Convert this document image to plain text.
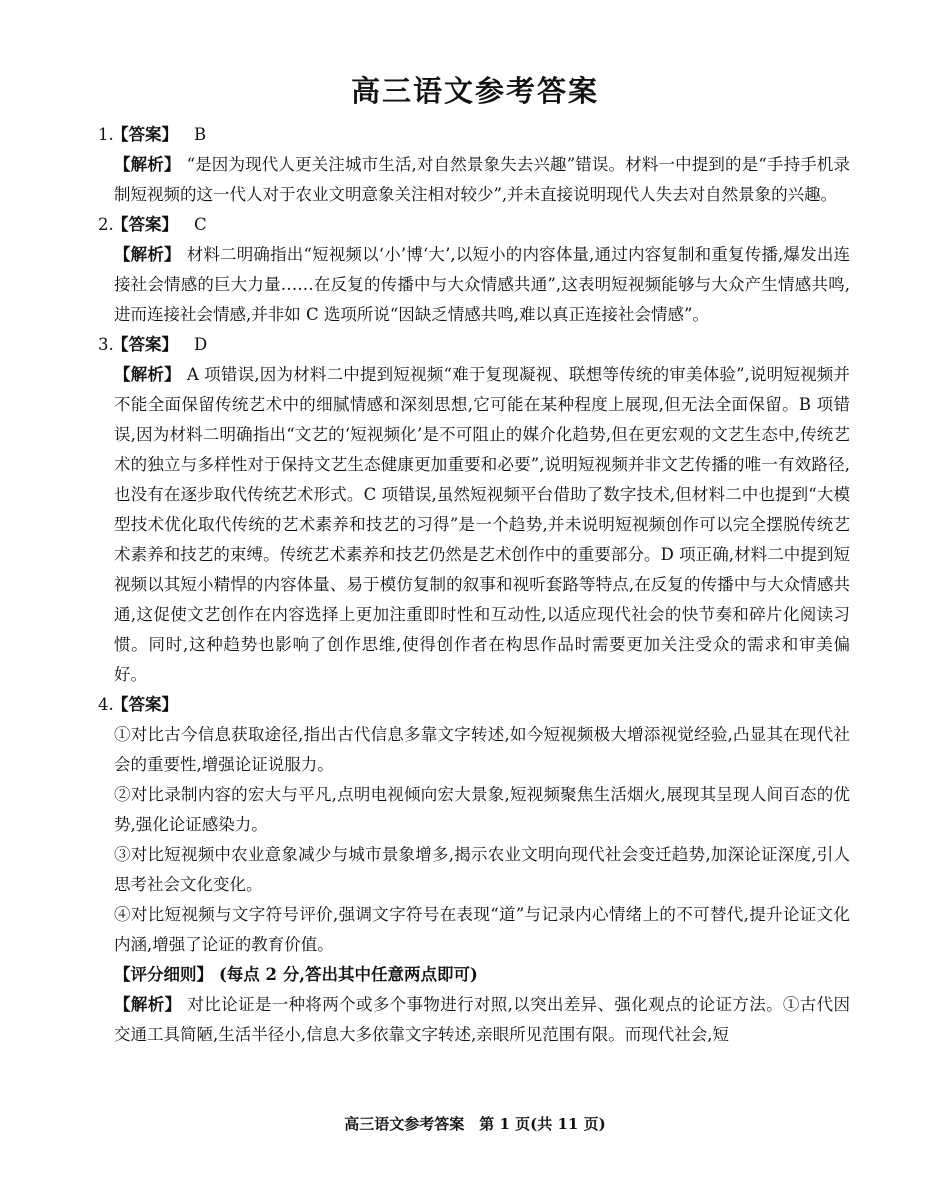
高三语文参考答案
1.
【答案】 B

【解析】 “是因为现代人更关注城市生活,对自然景象失去兴趣”错误。材料一中提到的是“手持手机录制短视频的这一代人对于农业文明意象关注相对较少”,并未直接说明现代人失去对自然景象的兴趣。

2.
【答案】 C

【解析】 材料二明确指出“短视频以‘小’博‘大’,以短小的内容体量,通过内容复制和重复传播,爆发出连接社会情感的巨大力量……在反复的传播中与大众情感共通”,这表明短视频能够与大众产生情感共鸣,进而连接社会情感,并非如 C 选项所说“因缺乏情感共鸣,难以真正连接社会情感”。

3.
【答案】 D

【解析】 A 项错误,因为材料二中提到短视频“难于复现凝视、联想等传统的审美体验”,说明短视频并不能全面保留传统艺术中的细腻情感和深刻思想,它可能在某种程度上展现,但无法全面保留。B 项错误,因为材料二明确指出“文艺的‘短视频化’是不可阻止的媒介化趋势,但在更宏观的文艺生态中,传统艺术的独立与多样性对于保持文艺生态健康更加重要和必要”,说明短视频并非文艺传播的唯一有效路径,也没有在逐步取代传统艺术形式。C 项错误,虽然短视频平台借助了数字技术,但材料二中也提到“大模型技术优化取代传统的艺术素养和技艺的习得”是一个趋势,并未说明短视频创作可以完全摆脱传统艺术素养和技艺的束缚。传统艺术素养和技艺仍然是艺术创作中的重要部分。D 项正确,材料二中提到短视频以其短小精悍的内容体量、易于模仿复制的叙事和视听套路等特点,在反复的传播中与大众情感共通,这促使文艺创作在内容选择上更加注重即时性和互动性,以适应现代社会的快节奏和碎片化阅读习惯。同时,这种趋势也影响了创作思维,使得创作者在构思作品时需要更加关注受众的需求和审美偏好。

4.
【答案】

①对比古今信息获取途径,指出古代信息多靠文字转述,如今短视频极大增添视觉经验,凸显其在现代社会的重要性,增强论证说服力。

②对比录制内容的宏大与平凡,点明电视倾向宏大景象,短视频聚焦生活烟火,展现其呈现人间百态的优势,强化论证感染力。

③对比短视频中农业意象减少与城市景象增多,揭示农业文明向现代社会变迁趋势,加深论证深度,引人思考社会文化变化。

④对比短视频与文字符号评价,强调文字符号在表现“道”与记录内心情绪上的不可替代,提升论证文化内涵,增强了论证的教育价值。

【评分细则】 (每点 2 分,答出其中任意两点即可)

【解析】 对比论证是一种将两个或多个事物进行对照,以突出差异、强化观点的论证方法。①古代因交通工具简陋,生活半径小,信息大多依靠文字转述,亲眼所见范围有限。而现代社会,短

高三语文参考答案　第 1 页(共 11 页)
